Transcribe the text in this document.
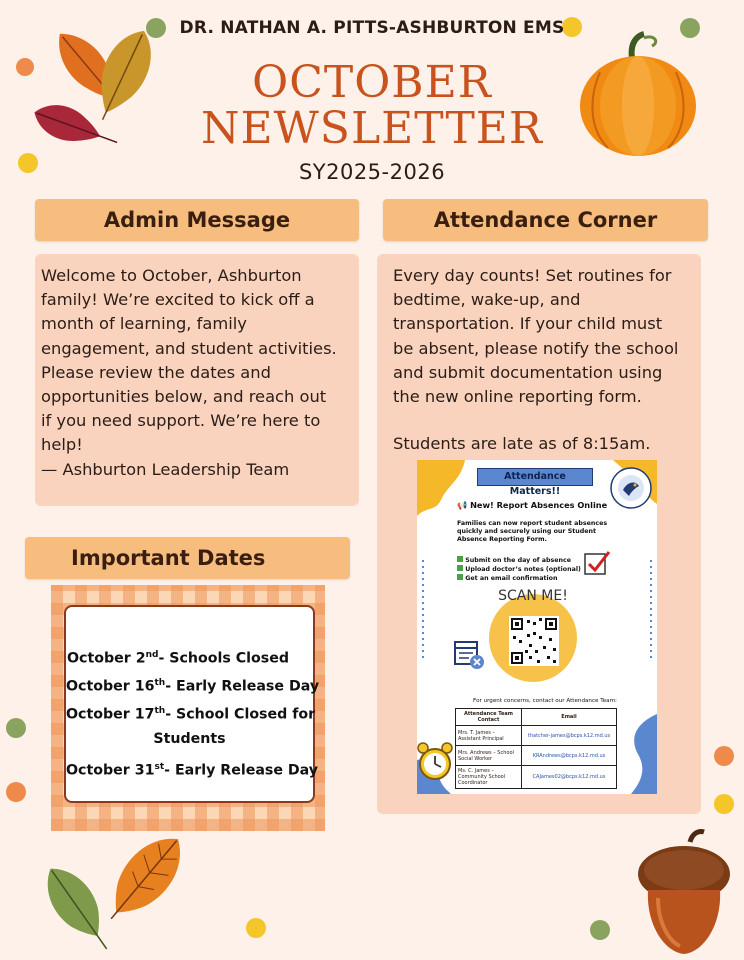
DR. NATHAN A. PITTS-ASHBURTON EMS
OCTOBER
NEWSLETTER
SY2025-2026
Admin Message
Welcome to October, Ashburton
family! We’re excited to kick off a
month of learning, family
engagement, and student activities.
Please review the dates and
opportunities below, and reach out
if you need support. We’re here to
help!
— Ashburton Leadership Team
Attendance Corner
Every day counts! Set routines for
bedtime, wake-up, and
transportation. If your child must
be absent, please notify the school
and submit documentation using
the new online reporting form.
Students are late as of 8:15am.
Attendance Matters!!
📢 New! Report Absences Online
Families can now report student absences quickly and securely using our Student Absence Reporting Form.
Submit on the day of absence
Upload doctor’s notes (optional)
Get an email confirmation
SCAN ME!
For urgent concerns, contact our Attendance Team:
Attendance Team Contact	Email
Mrs. T. James – Assistant Principal	thatcher-james@bcps.k12.md.us
Mrs. Andrews – School Social Worker	KRAndrews@bcps.k12.md.us
Ms. C. James – Community School Coordinator	CAJames02@bcps.k12.md.us
Important Dates
October 2nd- Schools Closed
October 16th- Early Release Day
October 17th- School Closed for
Students
October 31st- Early Release Day
